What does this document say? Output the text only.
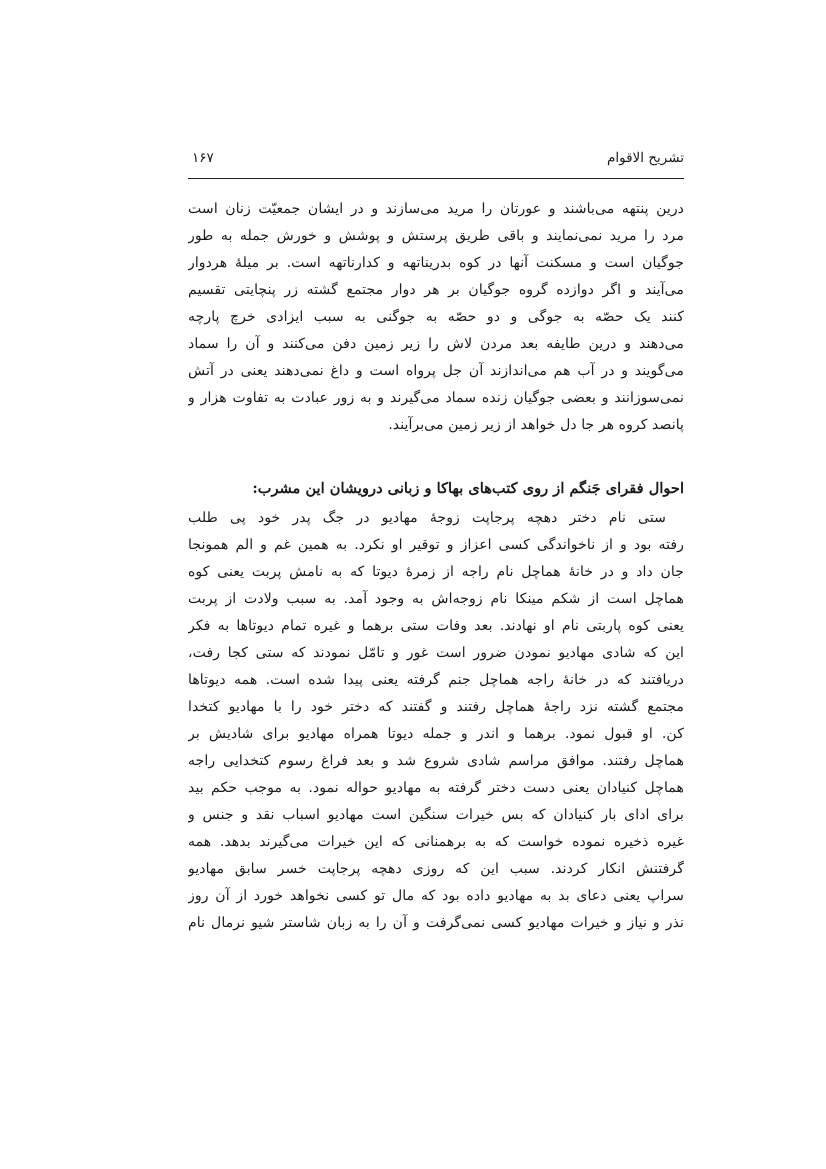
تشریح الاقوام
۱۶۷
درین پنتهه می‌باشند و عورتان را مرید می‌سازند و در ایشان جمعیّت زنان است
مرد را مرید نمی‌نمایند و باقی طریق پرستش و پوشش و خورش جمله به طور
جوگیان است و مسکنت آنها در کوه بدریناتهه و کدارناتهه است. بر میلهٔ هردوار
می‌آیند و اگر دوازده گروه جوگیان بر هر دوار مجتمع گشته زر پنچایتی تقسیم
کنند یک حصّه به جوگی و دو حصّه به جوگنی به سبب ایزادی خرچ پارچه
می‌دهند و درین طایفه بعد مردن لاش را زیر زمین دفن می‌کنند و آن را سماد
می‌گویند و در آب هم می‌اندازند آن جل پرواه است و داغ نمی‌دهند یعنی در آتش
نمی‌سوزانند و بعضی جوگیان زنده سماد می‌گیرند و به زور عبادت به تفاوت هزار و
پانصد کروه هر جا دل خواهد از زیر زمین می‌برآیند.
احوال فقرای جَنگم از روی کتب‌های بهاکا و زبانی درویشان این مشرب:
ستی نام دختر دهچه پرجاپت زوجهٔ مهادیو در جگ پدر خود پی طلب
رفته بود و از ناخواندگی کسی اعزاز و توقیر او نکرد. به همین غم و الم همونجا
جان داد و در خانهٔ هماچل نام راجه از زمرهٔ دیوتا که به نامش پربت یعنی کوه
هماچل است از شکم مینکا نام زوجه‌اش به وجود آمد. به سبب ولادت از پربت
یعنی کوه پاربتی نام او نهادند. بعد وفات ستی برهما و غیره تمام دیوتاها به فکر
این که شادی مهادیو نمودن ضرور است غور و تامّل نمودند که ستی کجا رفت،
دریافتند که در خانهٔ راجه هماچل جنم گرفته یعنی پیدا شده است. همه دیوتاها
مجتمع گشته نزد راجهٔ هماچل رفتند و گفتند که دختر خود را با مهادیو کتخدا
کن. او قبول نمود. برهما و اندر و جمله دیوتا همراه مهادیو برای شادیش بر
هماچل رفتند. موافق مراسم شادی شروع شد و بعد فراغ رسوم کتخدایی راجه
هماچل کنیادان یعنی دست دختر گرفته به مهادیو حواله نمود. به موجب حکم بید
برای ادای بار کنیادان که بس خیرات سنگین است مهادیو اسباب نقد و جنس و
غیره ذخیره نموده خواست که به برهمنانی که این خیرات می‌گیرند بدهد. همه
گرفتنش انکار کردند. سبب این که روزی دهچه پرجاپت خسر سابق مهادیو
سراپ یعنی دعای بد به مهادیو داده بود که مال تو کسی نخواهد خورد از آن روز
نذر و نیاز و خیرات مهادیو کسی نمی‌گرفت و آن را به زبان شاستر شیو نرمال نام
